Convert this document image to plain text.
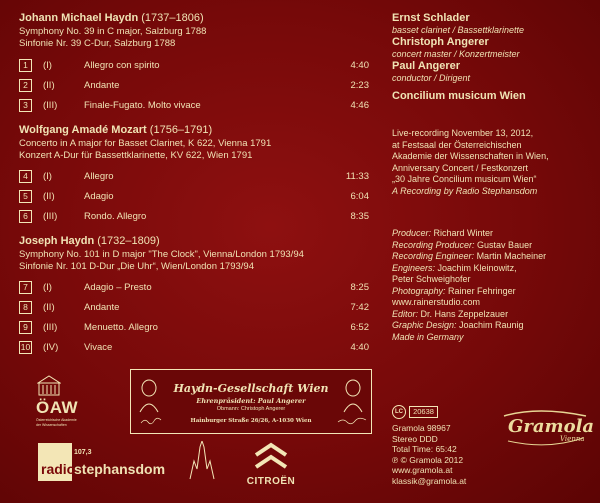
Johann Michael Haydn (1737–1806)
Symphony No. 39 in C major, Salzburg 1788
Sinfonie Nr. 39 C-Dur, Salzburg 1788
1	(I)	Allegro con spirito	4:40
2	(II)	Andante	2:23
3	(III)	Finale-Fugato. Molto vivace	4:46
Wolfgang Amadé Mozart (1756–1791)
Concerto in A major for Basset Clarinet, K 622, Vienna 1791
Konzert A-Dur für Bassettklarinette, KV 622, Wien 1791
4	(I)	Allegro	11:33
5	(II)	Adagio	6:04
6	(III)	Rondo. Allegro	8:35
Joseph Haydn (1732–1809)
Symphony No. 101 in D major "The Clock", Vienna/London 1793/94
Sinfonie Nr. 101 D-Dur „Die Uhr“, Wien/London 1793/94
7	(I)	Adagio – Presto	8:25
8	(II)	Andante	7:42
9	(III)	Menuetto. Allegro	6:52
10 (IV)	Vivace	4:40
Ernst Schlader
basset clarinet / Bassettklarinette
Christoph Angerer
concert master / Konzertmeister
Paul Angerer
conductor / Dirigent
Concilium musicum Wien
Live-recording November 13, 2012,
at Festsaal der Österreichischen
Akademie der Wissenschaften in Wien,
Anniversary Concert / Festkonzert
„30 Jahre Concilium musicum Wien“
A Recording by Radio Stephansdom
Producer: Richard Winter
Recording Producer: Gustav Bauer
Recording Engineer: Martin Macheiner
Engineers: Joachim Kleinowitz,
Peter Schweighofer
Photography: Rainer Fehringer
www.rainerstudio.com
Editor: Dr. Hans Zeppelzauer
Graphic Design: Joachim Raunig
Made in Germany
LC 20638
Gramola 98967
Stereo DDD
Total Time: 65:42
℗ © Gramola 2012
www.gramola.at
klassik@gramola.at
Gramola
Vienna
ÖAW
Österreichische Akademie
der Wissenschaften
Haydn-Gesellschaft Wien
Ehrenpräsident: Paul Angerer
Obmann: Christoph Angerer
Hainburger Straße 26/26, A-1030 Wien
107,3
radio
stephansdom
CITROËN
